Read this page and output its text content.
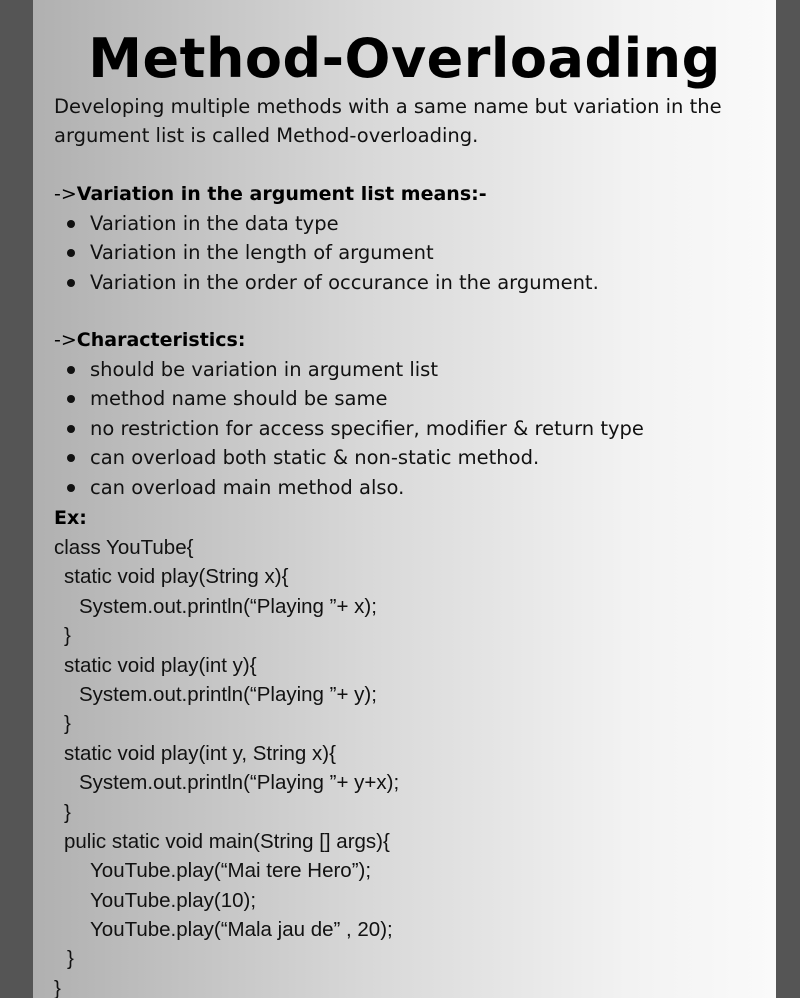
Method-Overloading

Developing multiple methods with a same name but variation in the argument list is called Method-overloading.

->Variation in the argument list means:-
Variation in the data type
Variation in the length of argument
Variation in the order of occurance in the argument.
->Characteristics:
should be variation in argument list
method name should be same
no restriction for access specifier, modifier & return type
can overload both static & non-static method.
can overload main method also.
Ex:
class YouTube{
static void play(String x){
System.out.println(“Playing ”+ x);
}
static void play(int y){
System.out.println(“Playing ”+ y);
}
static void play(int y, String x){
System.out.println(“Playing ”+ y+x);
}
pulic static void main(String [] args){
YouTube.play(“Mai tere Hero”);
YouTube.play(10);
YouTube.play(“Mala jau de” , 20);
}
}
